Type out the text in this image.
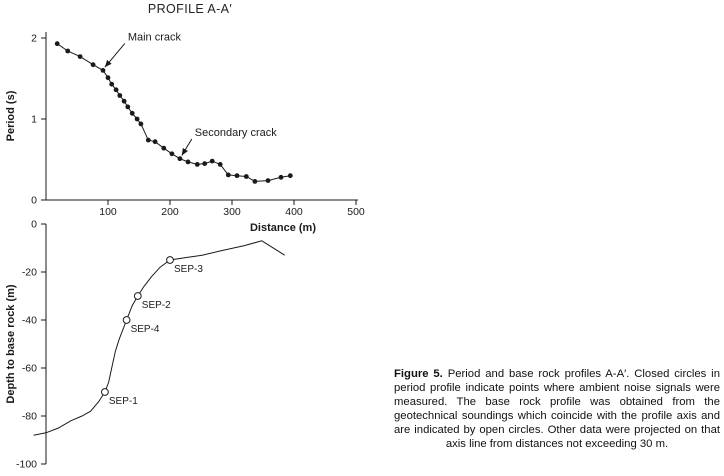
0
1
2
100	200	300	400	500
Period (s)
Distance (m)
Main crack
Secondary crack
0
-20
-40
-60
-80
-100
Depth to base rock (m)	SEP-1
SEP-4
SEP-2
SEP-3
PROFILE A-A′
Figure 5. Period and base rock profiles A-A′. Closed circles in period profile indicate points where ambient noise signals were measured. The base rock profile was obtained from the geotechnical soundings which coincide with the profile axis and are indicated by open circles. Other data were projected on that axis line from distances not exceeding 30 m.
